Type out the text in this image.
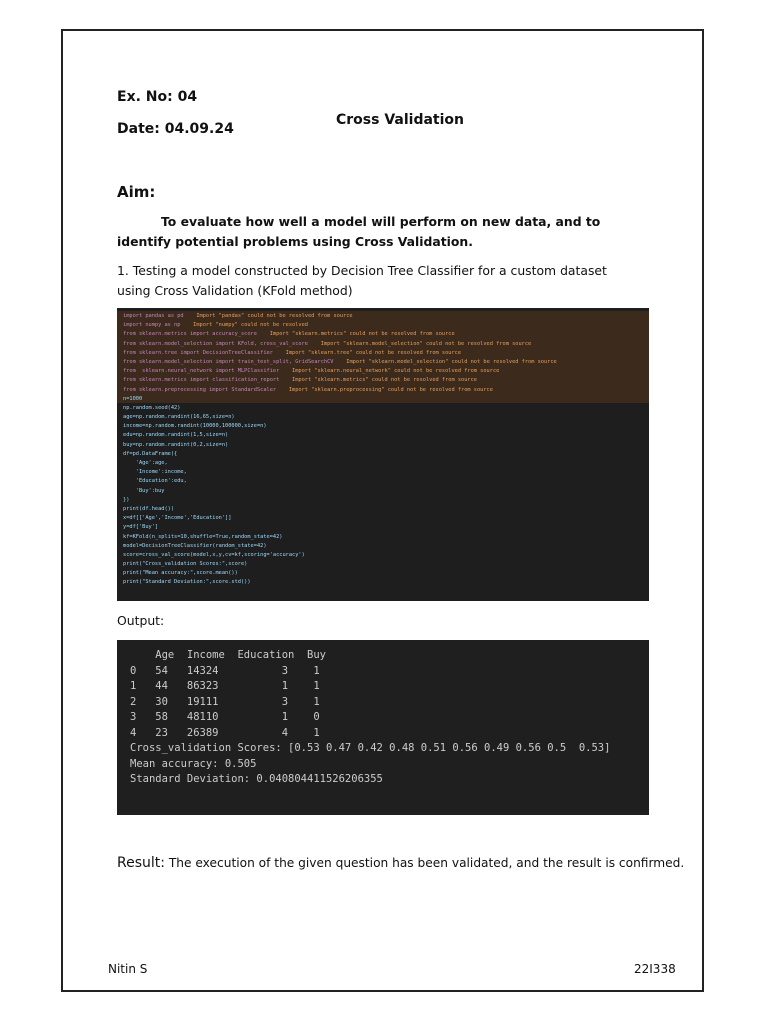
Ex. No: 04
Date: 04.09.24
Cross Validation
Aim:
To evaluate how well a model will perform on new data, and to identify potential problems using Cross Validation.
1. Testing a model constructed by Decision Tree Classifier for a custom dataset using Cross Validation (KFold method)
import pandas as pd Import "pandas" could not be resolved from source
import numpy as np Import "numpy" could not be resolved
from sklearn.metrics import accuracy_score Import "sklearn.metrics" could not be resolved from source
from sklearn.model_selection import KFold, cross_val_score Import "sklearn.model_selection" could not be resolved from source
from sklearn.tree import DecisionTreeClassifier Import "sklearn.tree" could not be resolved from source
from sklearn.model_selection import train_test_split, GridSearchCV Import "sklearn.model_selection" could not be resolved from source
from  sklearn.neural_network import MLPClassifier Import "sklearn.neural_network" could not be resolved from source
from sklearn.metrics import classification_report Import "sklearn.metrics" could not be resolved from source
from sklearn.preprocessing import StandardScaler Import "sklearn.preprocessing" could not be resolved from source
n=1000
np.random.seed(42)
age=np.random.randint(16,65,size=n)
income=np.random.randint(10000,100000,size=n)
edu=np.random.randint(1,5,size=n)
buy=np.random.randint(0,2,size=n)
df=pd.DataFrame({
'Age':age,
'Income':income,
'Education':edu,
'Buy':buy
})
print(df.head())
x=df[['Age','Income','Education']]
y=df['Buy']
kf=KFold(n_splits=10,shuffle=True,random_state=42)
model=DecisionTreeClassifier(random_state=42)
score=cross_val_score(model,x,y,cv=kf,scoring='accuracy')
print("Cross_validation Scores:",score)
print("Mean accuracy:",score.mean())
print("Standard Deviation:",score.std())
Output:
Age  Income  Education  Buy
0   54   14324          3    1
1   44   86323          1    1
2   30   19111          3    1
3   58   48110          1    0
4   23   26389          4    1
Cross_validation Scores: [0.53 0.47 0.42 0.48 0.51 0.56 0.49 0.56 0.5  0.53]
Mean accuracy: 0.505
Standard Deviation: 0.040804411526206355
Result: The execution of the given question has been validated, and the result is confirmed.
Nitin S	22I338
